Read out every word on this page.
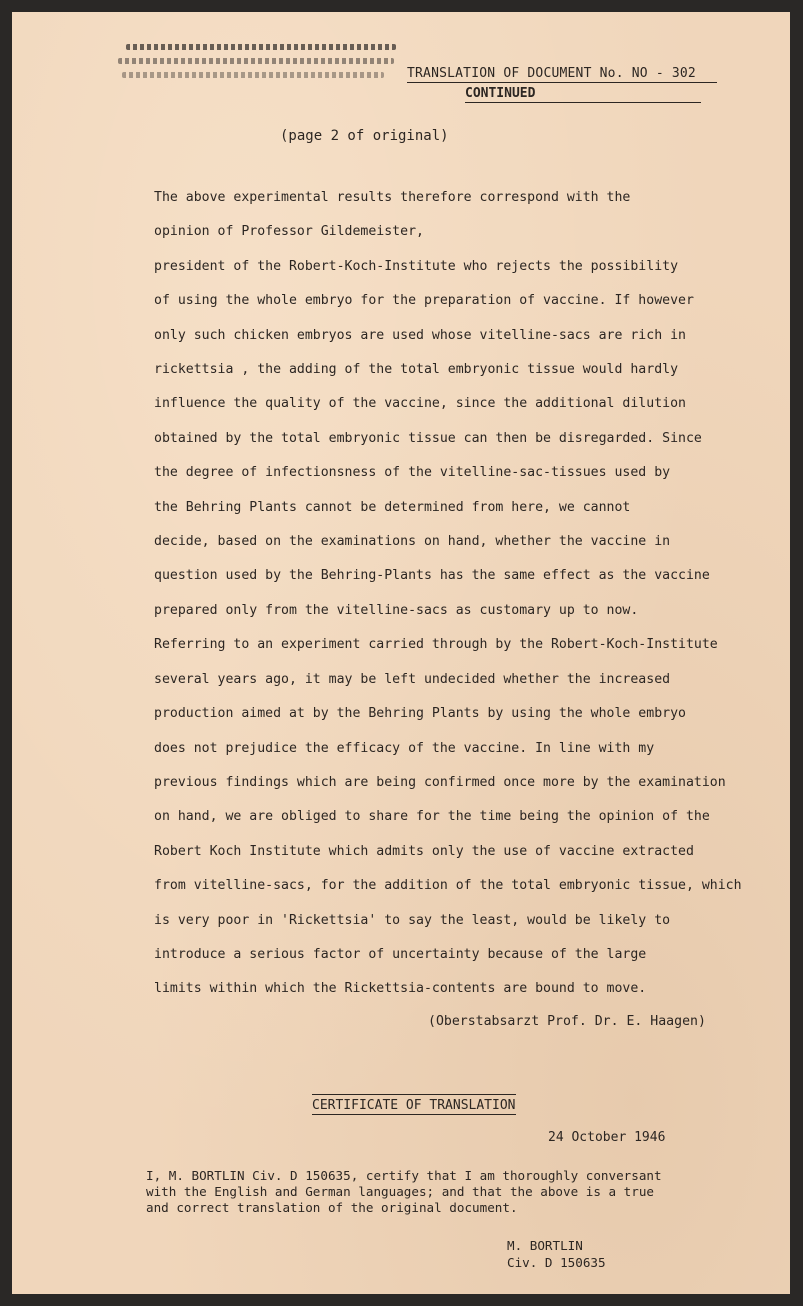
TRANSLATION OF DOCUMENT No. NO - 302
CONTINUED
(page 2 of original)

The above experimental results therefore correspond with the

opinion of Professor Gildemeister,

president of the Robert-Koch-Institute who rejects the possibility

of using the whole embryo for the preparation of vaccine. If however

only such chicken embryos are used whose vitelline-sacs are rich in

rickettsia , the adding of the total embryonic tissue would hardly

influence the quality of the vaccine, since the additional dilution

obtained by the total embryonic tissue can then be disregarded. Since

the degree of infectionsness of the vitelline-sac-tissues used by

the Behring Plants cannot be determined from here, we cannot

decide, based on the examinations on hand, whether the vaccine in

question used by the Behring-Plants has the same effect as the vaccine

prepared only from the vitelline-sacs as customary up to now.

Referring to an experiment carried through by the Robert-Koch-Institute

several years ago, it may be left undecided whether the increased

production aimed at by the Behring Plants by using the whole embryo

does not prejudice the efficacy of the vaccine. In line with my

previous findings which are being confirmed once more by the examination

on hand, we are obliged to share for the time being the opinion of the

Robert Koch Institute which admits only the use of vaccine extracted

from vitelline-sacs, for the addition of the total embryonic tissue, which

is very poor in 'Rickettsia' to say the least, would be likely to

introduce a serious factor of uncertainty because of the large

limits within which the Rickettsia-contents are bound to move.

(Oberstabsarzt Prof. Dr. E. Haagen)
CERTIFICATE OF TRANSLATION
24 October 1946

I, M. BORTLIN Civ. D 150635, certify that I am thoroughly conversant

with the English and German languages; and that the above is a true

and correct translation of the original document.

M. BORTLIN

Civ. D 150635
